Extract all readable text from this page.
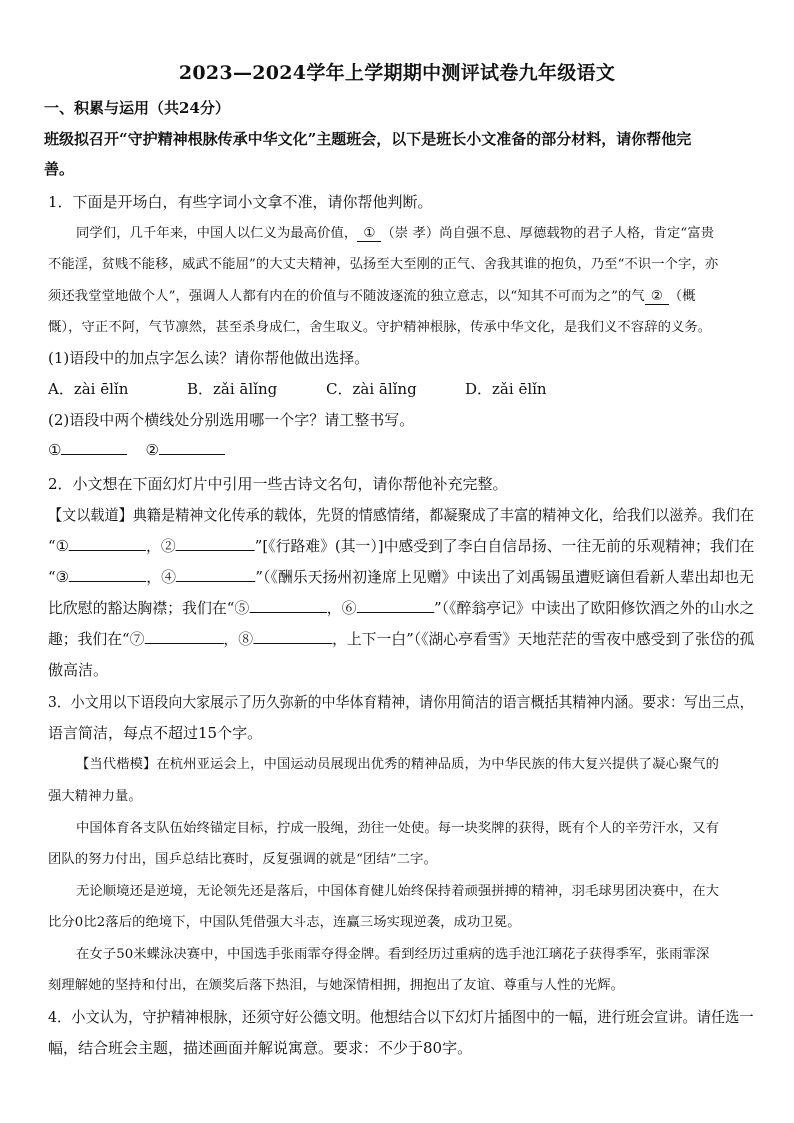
2023—2024学年上学期期中测评试卷九年级语文
一、积累与运用（共24分）
班级拟召开“守护精神根脉传承中华文化”主题班会，以下是班长小文准备的部分材料，请你帮他完
善。
1．下面是开场白，有些字词小文拿不准，请你帮他判断。
同学们，几千年来，中国人以仁义为最高价值， ① （崇 孝）尚自强不息、厚德载物的君子人格，肯定“富贵
不能淫，贫贱不能移，威武不能屈”的大丈夫精神，弘扬至大至刚的正气、舍我其谁的抱负，乃至“不识一个字，亦
须还我堂堂地做个人”，强调人人都有内在的价值与不随波逐流的独立意志，以“知其不可而为之”的气 ② （概
慨），守正不阿，气节凛然，甚至杀身成仁，舍生取义。守护精神根脉，传承中华文化，是我们义不容辞的义务。
(1)语段中的加点字怎么读？请你帮他做出选择。
A．zài ēlǐn	B．zǎi ālǐng	C．zài ālǐng	D．zǎi ēlǐn
(2)语段中两个横线处分别选用哪一个字？请工整书写。
①	②
2．小文想在下面幻灯片中引用一些古诗文名句，请你帮他补充完整。
【文以载道】典籍是精神文化传承的载体，先贤的情感情绪，都凝聚成了丰富的精神文化，给我们以滋养。我们在
“①	，②	”[《行路难》(其一）]中感受到了李白自信昂扬、一往无前的乐观精神；我们在
“③	，④	”（《酬乐天扬州初逢席上见赠》中读出了刘禹锡虽遭贬谪但看新人辈出却也无
比欣慰的豁达胸襟；我们在“⑤	，⑥	”（《醉翁亭记》中读出了欧阳修饮酒之外的山水之
趣；我们在“⑦	，⑧	，上下一白”（《湖心亭看雪》天地茫茫的雪夜中感受到了张岱的孤
傲高洁。
3．小文用以下语段向大家展示了历久弥新的中华体育精神，请你用简洁的语言概括其精神内涵。要求：写出三点，
语言简洁，每点不超过15个字。
【当代楷模】在杭州亚运会上，中国运动员展现出优秀的精神品质，为中华民族的伟大复兴提供了凝心聚气的
强大精神力量。
中国体育各支队伍始终锚定目标，拧成一股绳，劲往一处使。每一块奖牌的获得，既有个人的辛劳汗水，又有
团队的努力付出，国乒总结比赛时，反复强调的就是“团结”二字。
无论顺境还是逆境，无论领先还是落后，中国体育健儿始终保持着顽强拼搏的精神，羽毛球男团决赛中，在大
比分0比2落后的绝境下，中国队凭借强大斗志，连赢三场实现逆袭，成功卫冕。
在女子50米蝶泳决赛中，中国选手张雨霏夺得金牌。看到经历过重病的选手池江璃花子获得季军，张雨霏深
刻理解她的坚持和付出，在颁奖后落下热泪，与她深情相拥，拥抱出了友谊、尊重与人性的光辉。
4．小文认为，守护精神根脉，还须守好公德文明。他想结合以下幻灯片插图中的一幅，进行班会宣讲。请任选一
幅，结合班会主题，描述画面并解说寓意。要求：不少于80字。
